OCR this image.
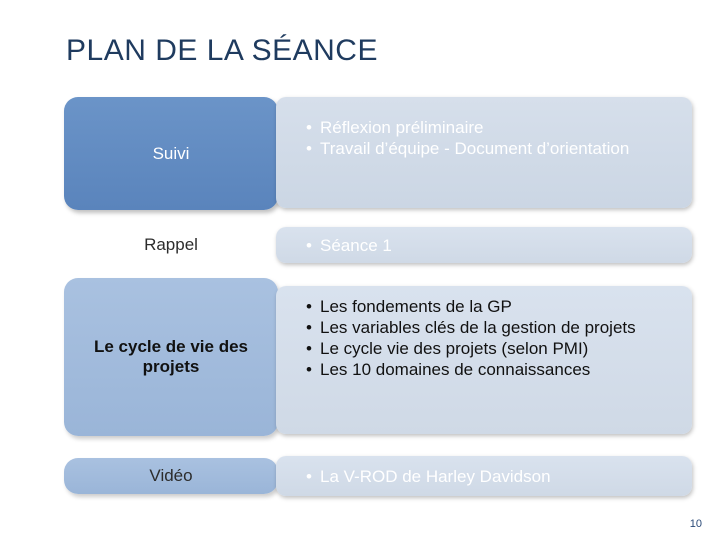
PLAN DE LA SÉANCE
Suivi
• Réflexion préliminaire
• Travail d’équipe - Document d’orientation
Rappel	• Séance 1
Le cycle de vie des projets
• Les fondements de la GP
• Les variables clés de la gestion de projets
• Le cycle vie des projets (selon PMI)
• Les 10 domaines de connaissances
Vidéo	• La V-ROD de Harley Davidson
10
